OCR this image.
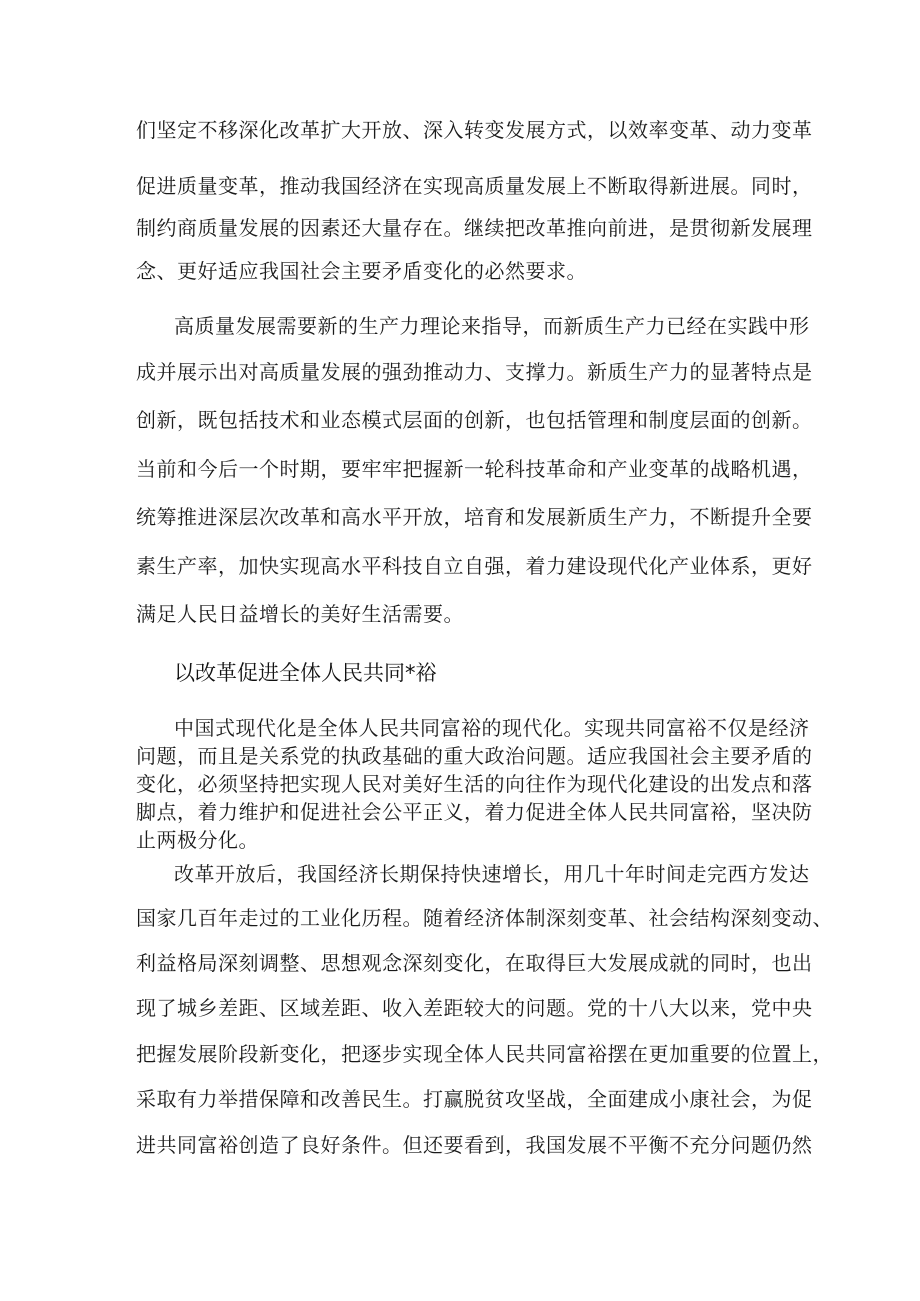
们坚定不移深化改革扩大开放、深入转变发展方式，以效率变革、动力变革
促进质量变革，推动我国经济在实现高质量发展上不断取得新进展。同时，
制约商质量发展的因素还大量存在。继续把改革推向前进，是贯彻新发展理
念、更好适应我国社会主要矛盾变化的必然要求。
高质量发展需要新的生产力理论来指导，而新质生产力已经在实践中形
成并展示出对高质量发展的强劲推动力、支撑力。新质生产力的显著特点是
创新，既包括技术和业态模式层面的创新，也包括管理和制度层面的创新。
当前和今后一个时期，要牢牢把握新一轮科技革命和产业变革的战略机遇，
统筹推进深层次改革和高水平开放，培育和发展新质生产力，不断提升全要
素生产率，加快实现高水平科技自立自强，着力建设现代化产业体系，更好
满足人民日益增长的美好生活需要。
以改革促进全体人民共同*裕
中国式现代化是全体人民共同富裕的现代化。实现共同富裕不仅是经济
问题，而且是关系党的执政基础的重大政治问题。适应我国社会主要矛盾的
变化，必须坚持把实现人民对美好生活的向往作为现代化建设的出发点和落
脚点，着力维护和促进社会公平正义，着力促进全体人民共同富裕，坚决防
止两极分化。
改革开放后，我国经济长期保持快速增长，用几十年时间走完西方发达
国家几百年走过的工业化历程。随着经济体制深刻变革、社会结构深刻变动、
利益格局深刻调整、思想观念深刻变化，在取得巨大发展成就的同时，也出
现了城乡差距、区域差距、收入差距较大的问题。党的十八大以来，党中央
把握发展阶段新变化，把逐步实现全体人民共同富裕摆在更加重要的位置上，
采取有力举措保障和改善民生。打赢脱贫攻坚战，全面建成小康社会，为促
进共同富裕创造了良好条件。但还要看到，我国发展不平衡不充分问题仍然
